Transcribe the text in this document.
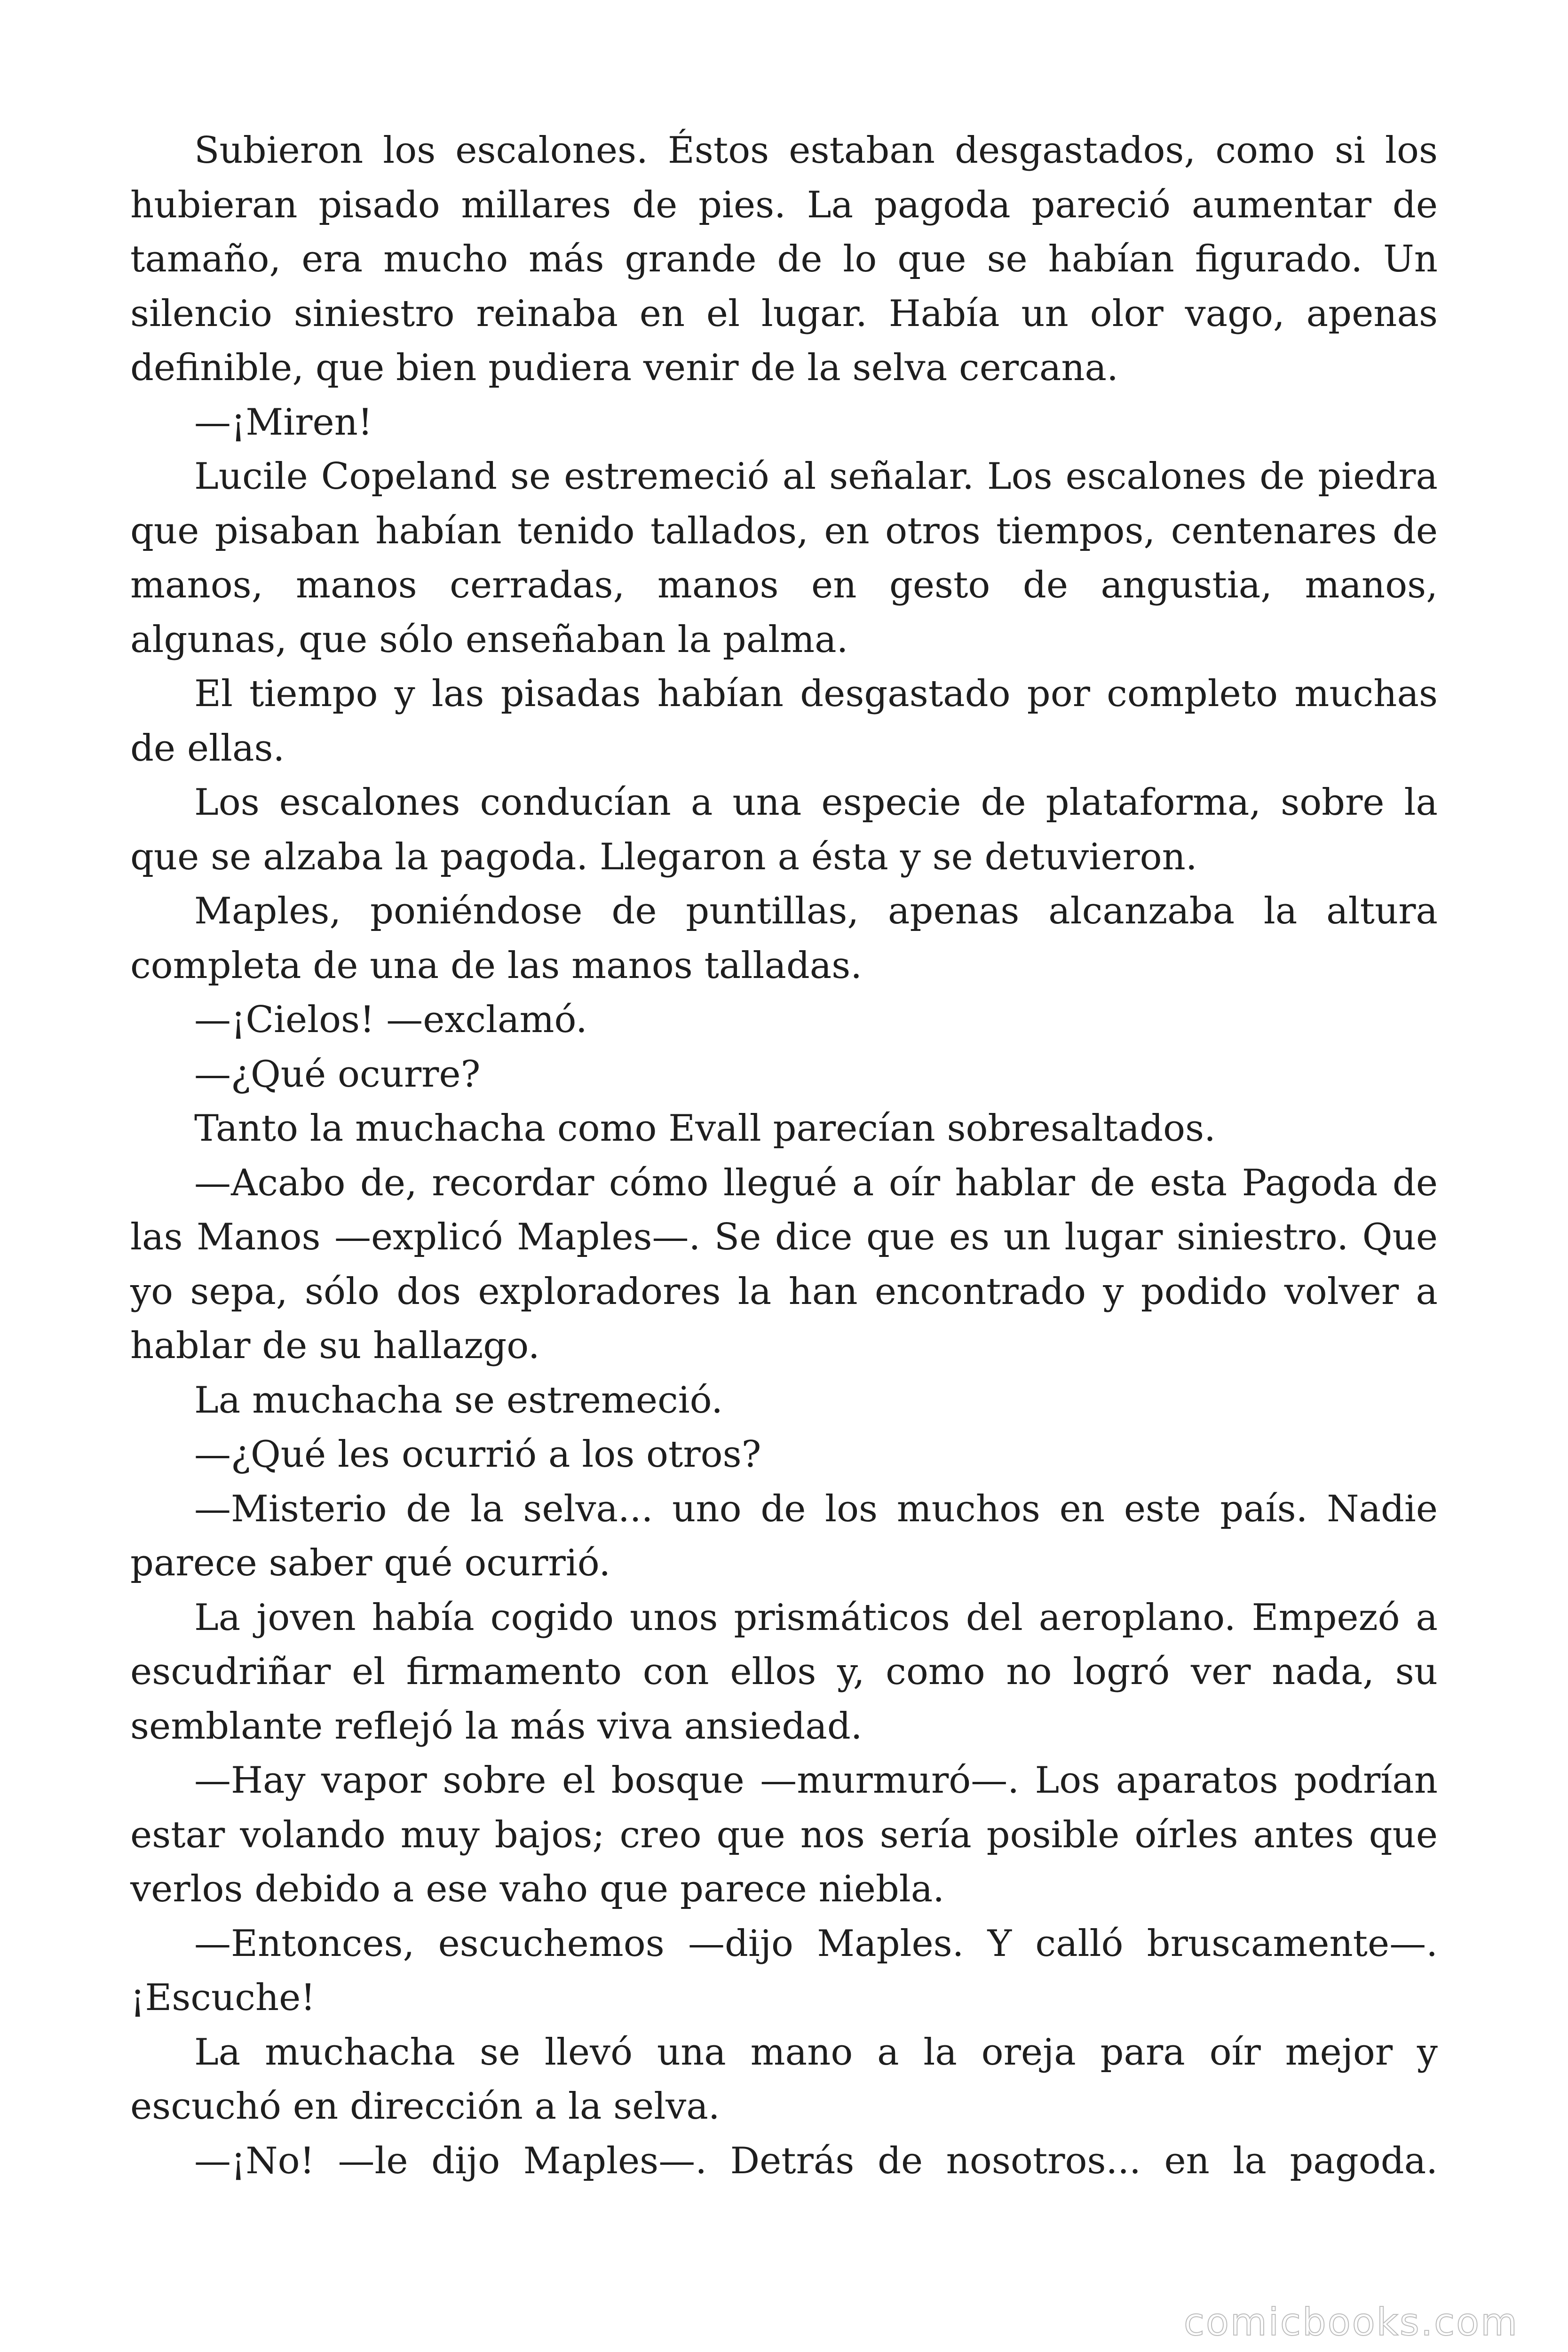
Subieron los escalones. Éstos estaban desgastados, como si los hubieran pisado millares de pies. La pagoda pareció aumentar de tamaño, era mucho más grande de lo que se habían figurado. Un silencio siniestro reinaba en el lugar. Había un olor vago, apenas definible, que bien pudiera venir de la selva cercana.

—¡Miren!

Lucile Copeland se estremeció al señalar. Los escalones de piedra que pisaban habían tenido tallados, en otros tiempos, centenares de manos, manos cerradas, manos en gesto de angustia, manos, algunas, que sólo enseñaban la palma.

El tiempo y las pisadas habían desgastado por completo muchas de ellas.

Los escalones conducían a una especie de plataforma, sobre la que se alzaba la pagoda. Llegaron a ésta y se detuvieron.

Maples, poniéndose de puntillas, apenas alcanzaba la altura completa de una de las manos talladas.

—¡Cielos! —exclamó.

—¿Qué ocurre?

Tanto la muchacha como Evall parecían sobresaltados.

—Acabo de, recordar cómo llegué a oír hablar de esta Pagoda de las Manos —explicó Maples—. Se dice que es un lugar siniestro. Que yo sepa, sólo dos exploradores la han encontrado y podido volver a hablar de su hallazgo.

La muchacha se estremeció.

—¿Qué les ocurrió a los otros?

—Misterio de la selva... uno de los muchos en este país. Nadie parece saber qué ocurrió.

La joven había cogido unos prismáticos del aeroplano. Empezó a escudriñar el firmamento con ellos y, como no logró ver nada, su semblante reflejó la más viva ansiedad.

—Hay vapor sobre el bosque —murmuró—. Los aparatos podrían estar volando muy bajos; creo que nos sería posible oírles antes que verlos debido a ese vaho que parece niebla.

—Entonces, escuchemos —dijo Maples. Y calló bruscamente—. ¡Escuche!

La muchacha se llevó una mano a la oreja para oír mejor y escuchó en dirección a la selva.

—¡No! —le dijo Maples—. Detrás de nosotros... en la pagoda.

comicbooks.com
